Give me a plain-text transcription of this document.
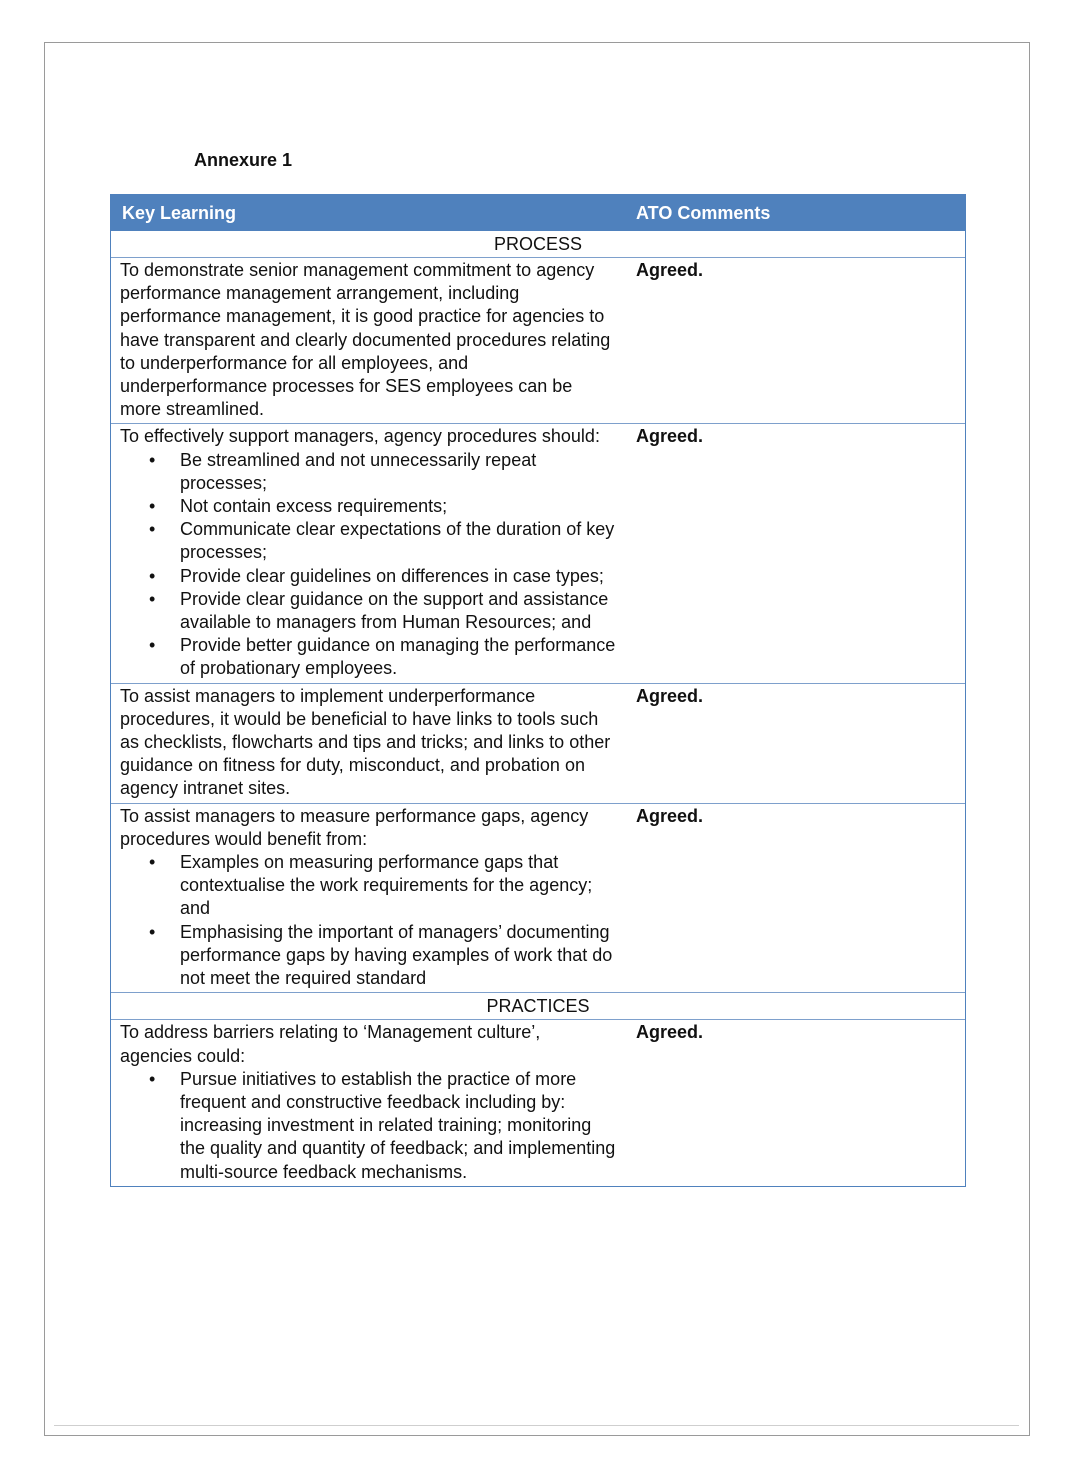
Annexure 1
Key Learning	ATO Comments
PROCESS

To demonstrate senior management commitment to agency performance management arrangement, including performance management, it is good practice for agencies to have transparent and clearly documented procedures relating to underperformance for all employees, and underperformance processes for SES employees can be more streamlined.

Agreed.

To effectively support managers, agency procedures should:

• Be streamlined and not unnecessarily repeat processes;
• Not contain excess requirements;
• Communicate clear expectations of the duration of key processes;
• Provide clear guidelines on differences in case types;
• Provide clear guidance on the support and assistance available to managers from Human Resources; and
• Provide better guidance on managing the performance of probationary employees.
Agreed.

To assist managers to implement underperformance procedures, it would be beneficial to have links to tools such as checklists, flowcharts and tips and tricks; and links to other guidance on fitness for duty, misconduct, and probation on agency intranet sites.

Agreed.

To assist managers to measure performance gaps, agency procedures would benefit from:

• Examples on measuring performance gaps that contextualise the work requirements for the agency; and
• Emphasising the important of managers’ documenting performance gaps by having examples of work that do not meet the required standard
Agreed.
PRACTICES

To address barriers relating to ‘Management culture’, agencies could:

• Pursue initiatives to establish the practice of more frequent and constructive feedback including by: increasing investment in related training; monitoring the quality and quantity of feedback; and implementing multi-source feedback mechanisms.
Agreed.
